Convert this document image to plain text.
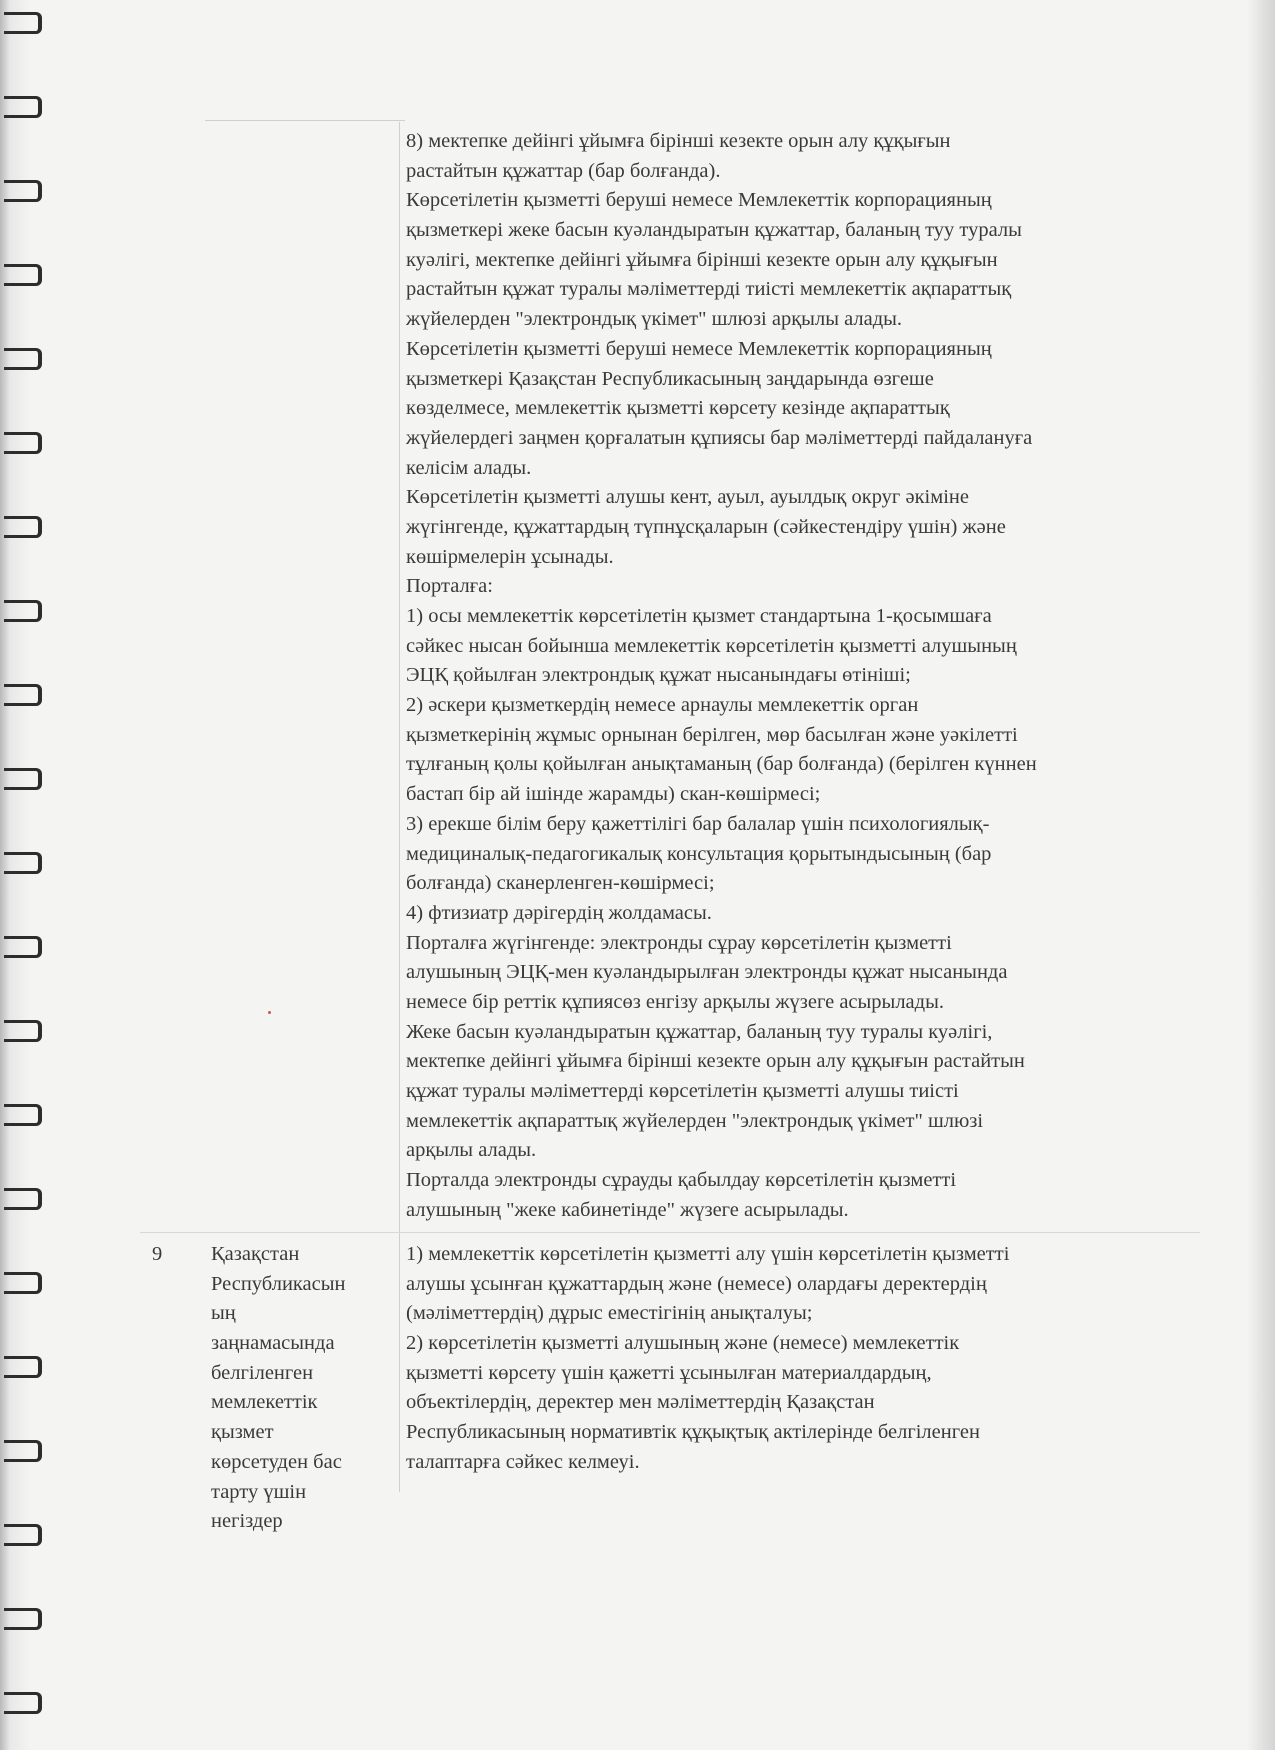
8) мектепке дейінгі ұйымға бірінші кезекте орын алу құқығын
растайтын құжаттар (бар болғанда).
Көрсетілетін қызметті беруші немесе Мемлекеттік корпорацияның
қызметкері жеке басын куәландыратын құжаттар, баланың туу туралы
куәлігі, мектепке дейінгі ұйымға бірінші кезекте орын алу құқығын
растайтын құжат туралы мәліметтерді тиісті мемлекеттік ақпараттық
жүйелерден "электрондық үкімет" шлюзі арқылы алады.
Көрсетілетін қызметті беруші немесе Мемлекеттік корпорацияның
қызметкері Қазақстан Республикасының заңдарында өзгеше
көзделмесе, мемлекеттік қызметті көрсету кезінде ақпараттық
жүйелердегі заңмен қорғалатын құпиясы бар мәліметтерді пайдалануға
келісім алады.
Көрсетілетін қызметті алушы кент, ауыл, ауылдық округ әкіміне
жүгінгенде, құжаттардың түпнұсқаларын (сәйкестендіру үшін) және
көшірмелерін ұсынады.
Порталға:
1) осы мемлекеттік көрсетілетін қызмет стандартына 1-қосымшаға
сәйкес нысан бойынша мемлекеттік көрсетілетін қызметті алушының
ЭЦҚ қойылған электрондық құжат нысанындағы өтініші;
2) әскери қызметкердің немесе арнаулы мемлекеттік орган
қызметкерінің жұмыс орнынан берілген, мөр басылған және уәкілетті
тұлғаның қолы қойылған анықтаманың (бар болғанда) (берілген күннен
бастап бір ай ішінде жарамды) скан-көшірмесі;
3) ерекше білім беру қажеттілігі бар балалар үшін психологиялық-
медициналық-педагогикалық консультация қорытындысының (бар
болғанда) сканерленген-көшірмесі;
4) фтизиатр дәрігердің жолдамасы.
Порталға жүгінгенде: электронды сұрау көрсетілетін қызметті
алушының ЭЦҚ-мен куәландырылған электронды құжат нысанында
немесе бір реттік құпиясөз енгізу арқылы жүзеге асырылады.
Жеке басын куәландыратын құжаттар, баланың туу туралы куәлігі,
мектепке дейінгі ұйымға бірінші кезекте орын алу құқығын растайтын
құжат туралы мәліметтерді көрсетілетін қызметті алушы тиісті
мемлекеттік ақпараттық жүйелерден "электрондық үкімет" шлюзі
арқылы алады.
Порталда электронды сұрауды қабылдау көрсетілетін қызметті
алушының "жеке кабинетінде" жүзеге асырылады.
9 Қазақстан
Республикасын
ың
заңнамасында
белгіленген
мемлекеттік
қызмет
көрсетуден бас
тарту үшін
негіздер
1) мемлекеттік көрсетілетін қызметті алу үшін көрсетілетін қызметті
алушы ұсынған құжаттардың және (немесе) олардағы деректердің
(мәліметтердің) дұрыс еместігінің анықталуы;
2) көрсетілетін қызметті алушының және (немесе) мемлекеттік
қызметті көрсету үшін қажетті ұсынылған материалдардың,
объектілердің, деректер мен мәліметтердің Қазақстан
Республикасының нормативтік құқықтық актілерінде белгіленген
талаптарға сәйкес келмеуі.
